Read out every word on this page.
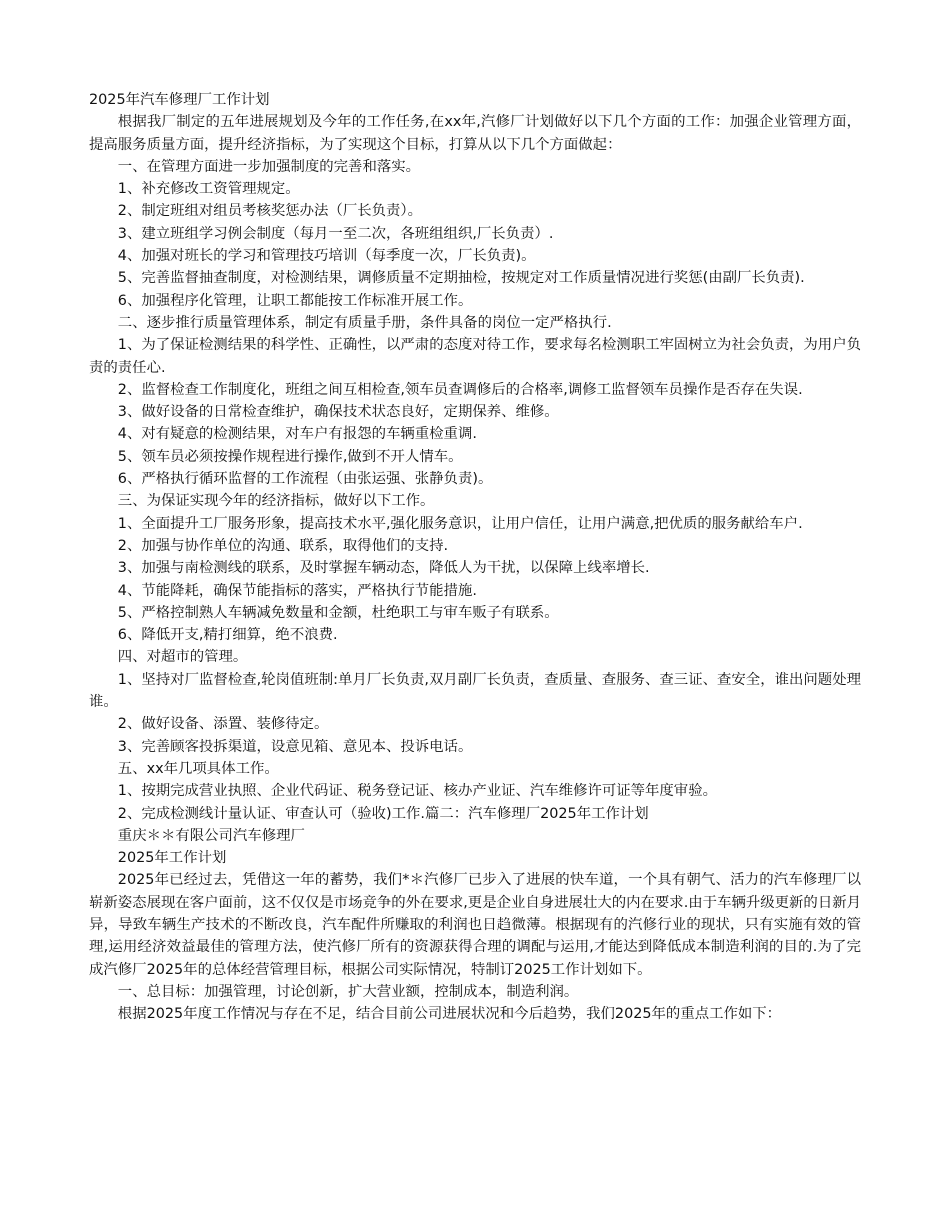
2025年汽车修理厂工作计划

根据我厂制定的五年进展规划及今年的工作任务,在xx年,汽修厂计划做好以下几个方面的工作：加强企业管理方面，提高服务质量方面，提升经济指标，为了实现这个目标，打算从以下几个方面做起：

一、在管理方面进一步加强制度的完善和落实。

1、补充修改工资管理规定。

2、制定班组对组员考核奖惩办法（厂长负责）。

3、建立班组学习例会制度（每月一至二次，各班组组织,厂长负责）.

4、加强对班长的学习和管理技巧培训（每季度一次，厂长负责)。

5、完善监督抽查制度，对检测结果，调修质量不定期抽检，按规定对工作质量情况进行奖惩(由副厂长负责).

6、加强程序化管理，让职工都能按工作标准开展工作。

二、逐步推行质量管理体系，制定有质量手册，条件具备的岗位一定严格执行.

1、为了保证检测结果的科学性、正确性，以严肃的态度对待工作，要求每名检测职工牢固树立为社会负责，为用户负责的责任心.

2、监督检查工作制度化，班组之间互相检查,领车员查调修后的合格率,调修工监督领车员操作是否存在失误.

3、做好设备的日常检查维护，确保技术状态良好，定期保养、维修。

4、对有疑意的检测结果，对车户有报怨的车辆重检重调.

5、领车员必须按操作规程进行操作,做到不开人情车。

6、严格执行循环监督的工作流程（由张运强、张静负责)。

三、为保证实现今年的经济指标，做好以下工作。

1、全面提升工厂服务形象，提高技术水平,强化服务意识，让用户信任，让用户满意,把优质的服务献给车户.

2、加强与协作单位的沟通、联系，取得他们的支持.

3、加强与南检测线的联系，及时掌握车辆动态，降低人为干扰，以保障上线率增长.

4、节能降耗，确保节能指标的落实，严格执行节能措施.

5、严格控制熟人车辆减免数量和金额，杜绝职工与审车贩子有联系。

6、降低开支,精打细算，绝不浪费.

四、对超市的管理。

1、坚持对厂监督检查,轮岗值班制:单月厂长负责,双月副厂长负责，查质量、查服务、查三证、查安全，谁出问题处理谁。

2、做好设备、添置、装修待定。

3、完善顾客投拆渠道，设意见箱、意见本、投诉电话。

五、xx年几项具体工作。

1、按期完成营业执照、企业代码证、税务登记证、核办产业证、汽车维修许可证等年度审验。

2、完成检测线计量认证、审查认可（验收)工作.篇二：汽车修理厂2025年工作计划

重庆＊＊有限公司汽车修理厂

2025年工作计划

2025年已经过去，凭借这一年的蓄势，我们*＊汽修厂已步入了进展的快车道，一个具有朝气、活力的汽车修理厂以崭新姿态展现在客户面前，这不仅仅是市场竞争的外在要求,更是企业自身进展壮大的内在要求.由于车辆升级更新的日新月异，导致车辆生产技术的不断改良，汽车配件所赚取的利润也日趋微薄。根据现有的汽修行业的现状，只有实施有效的管理,运用经济效益最佳的管理方法，使汽修厂所有的资源获得合理的调配与运用,才能达到降低成本制造利润的目的.为了完成汽修厂2025年的总体经营管理目标，根据公司实际情况，特制订2025工作计划如下。

一、总目标：加强管理，讨论创新，扩大营业额，控制成本，制造利润。

根据2025年度工作情况与存在不足，结合目前公司进展状况和今后趋势，我们2025年的重点工作如下：
